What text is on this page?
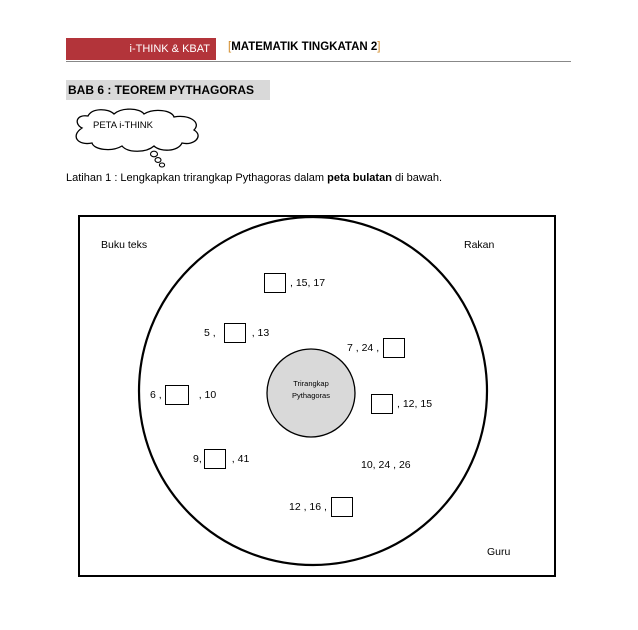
i-THINK & KBAT	[MATEMATIK TINGKATAN 2]
BAB 6 : TEOREM PYTHAGORAS
PETA i-THINK
Latihan 1 : Lengkapkan trirangkap Pythagoras dalam peta bulatan di bawah.
Buku teks	Rakan
Guru
Trirangkap
Pythagoras
, 15, 17
5 ,	, 13
7 , 24 ,
6 ,	, 10
, 12, 15
9,	, 41	10, 24 , 26
12 , 16 ,
